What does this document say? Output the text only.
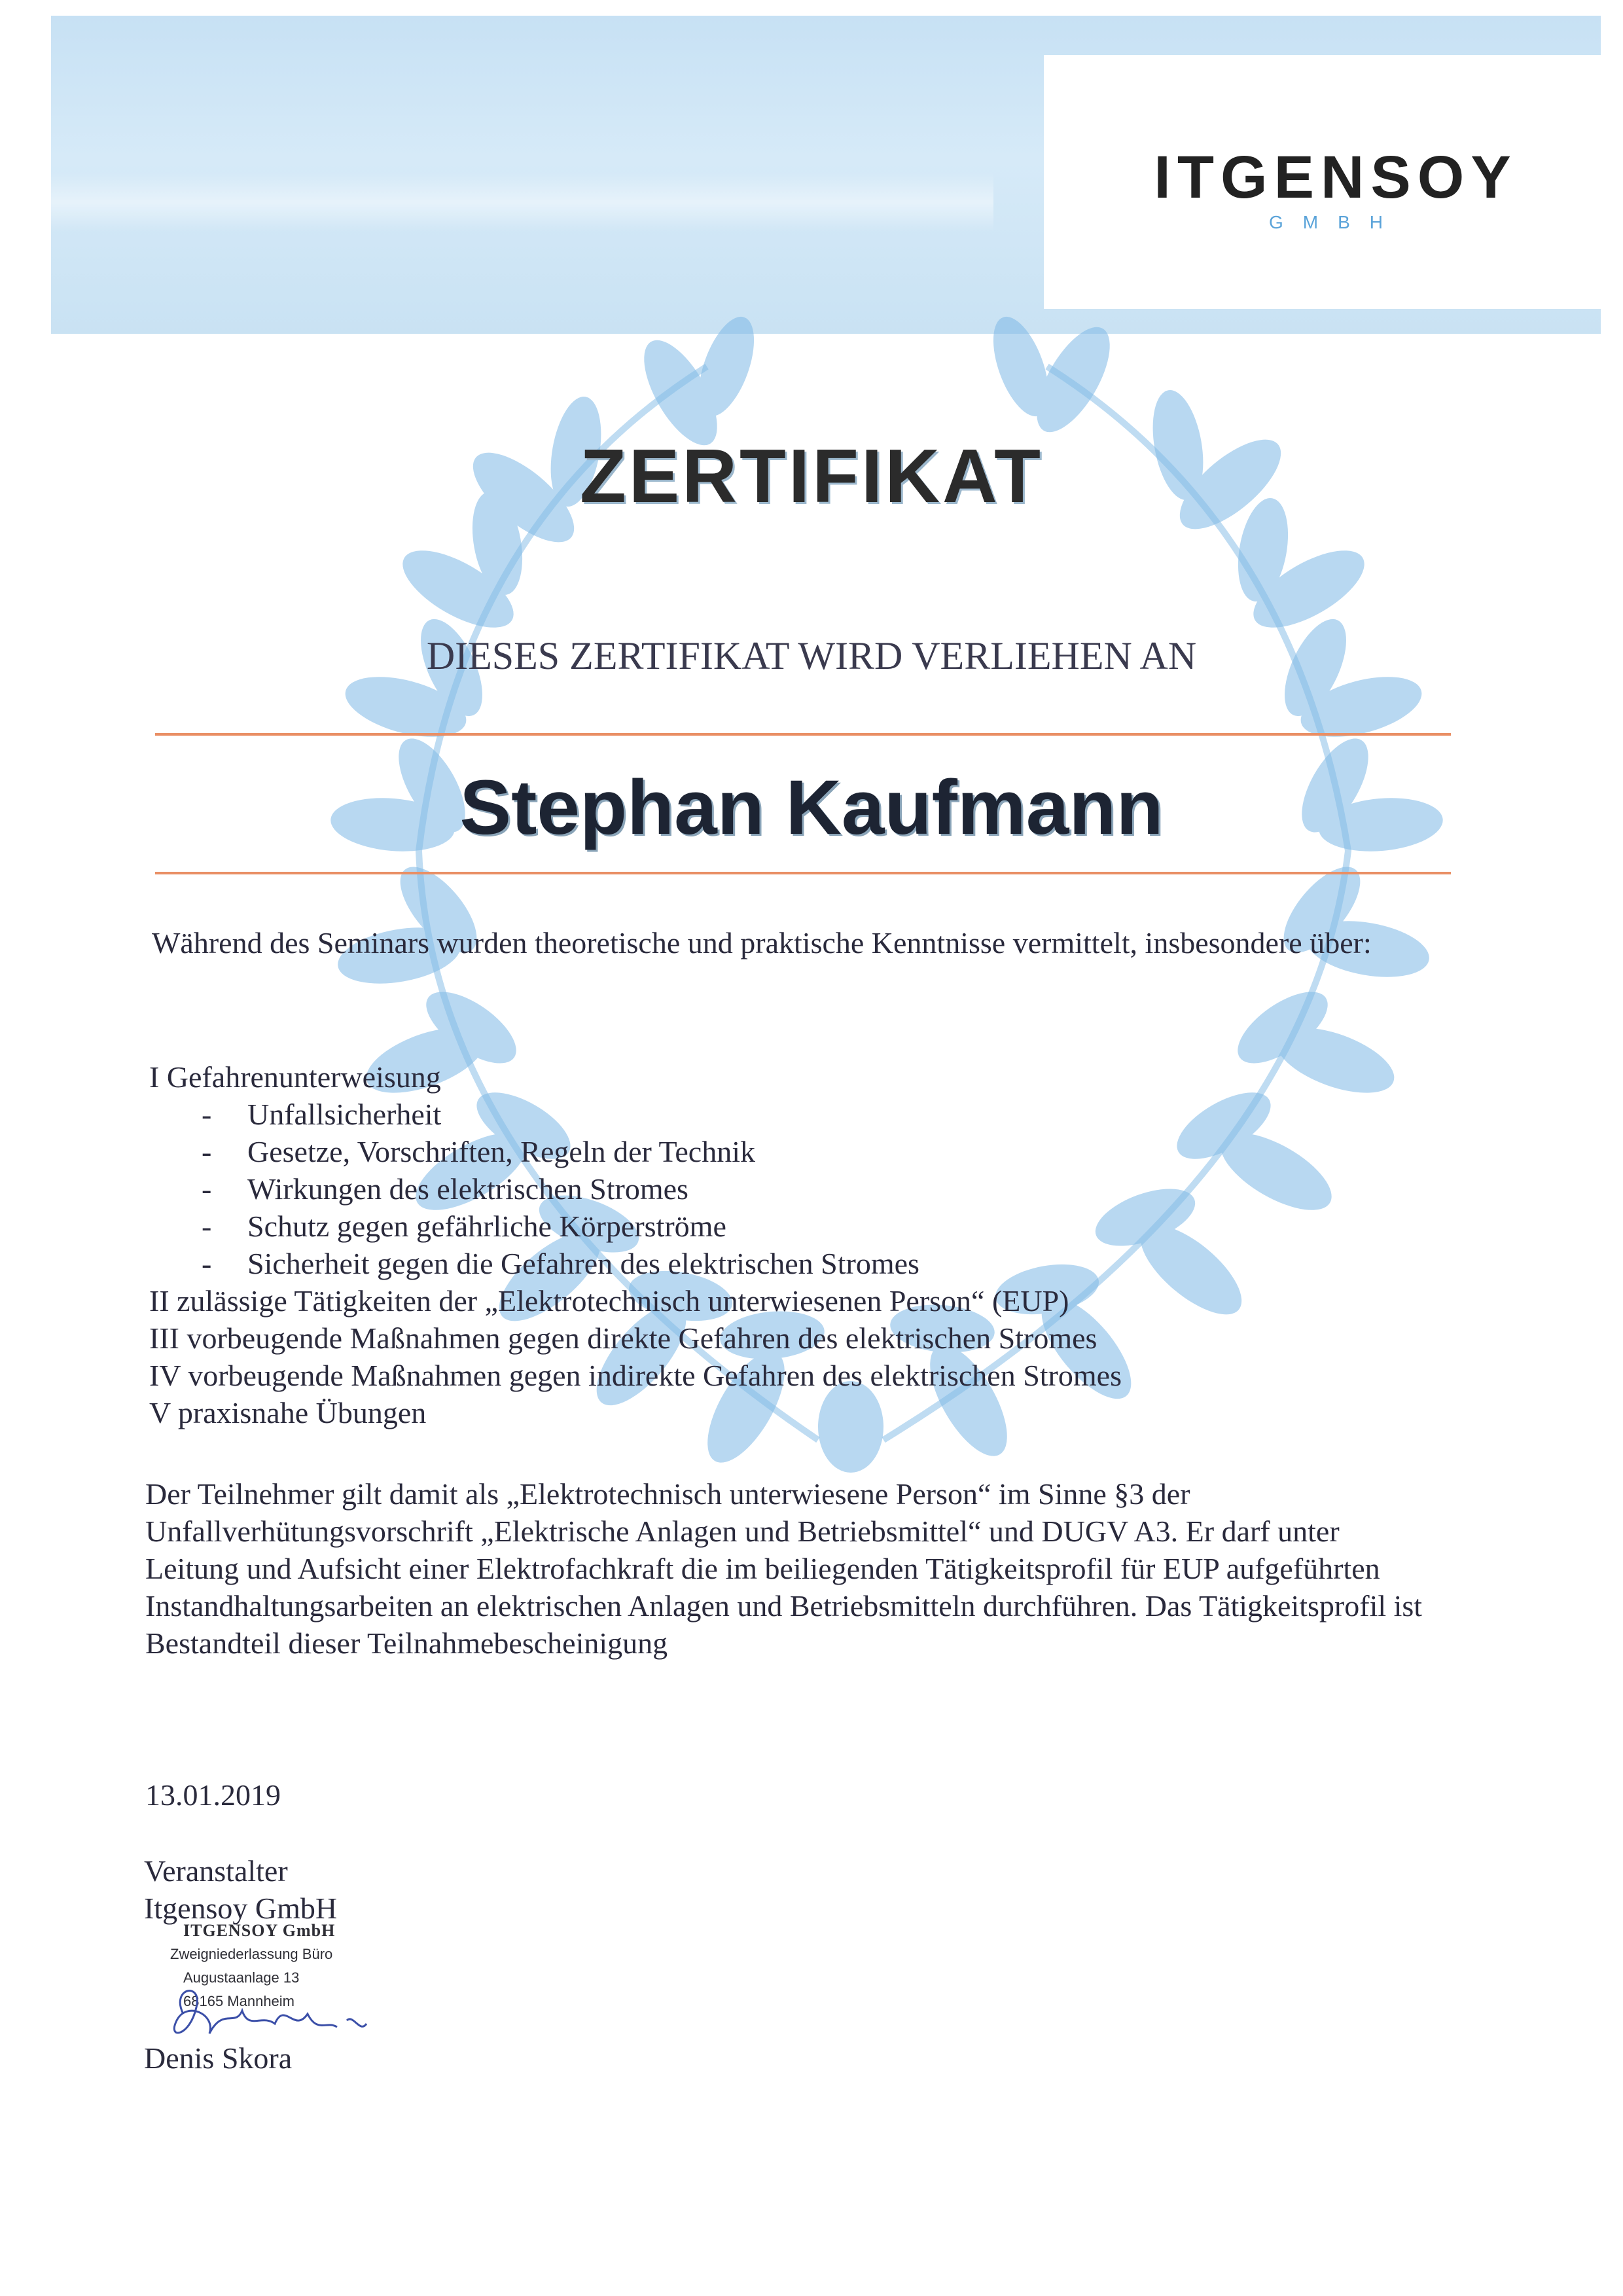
ITGENSOY
GMBH
ZERTIFIKAT
DIESES ZERTIFIKAT WIRD VERLIEHEN AN
Stephan Kaufmann
Während des Seminars wurden theoretische und praktische Kenntnisse vermittelt, insbesondere über:
I Gefahrenunterweisung
- Unfallsicherheit
- Gesetze, Vorschriften, Regeln der Technik
- Wirkungen des elektrischen Stromes
- Schutz gegen gefährliche Körperströme
- Sicherheit gegen die Gefahren des elektrischen Stromes
II zulässige Tätigkeiten der „Elektrotechnisch unterwiesenen Person“ (EUP)
III vorbeugende Maßnahmen gegen direkte Gefahren des elektrischen Stromes
IV vorbeugende Maßnahmen gegen indirekte Gefahren des elektrischen Stromes
V praxisnahe Übungen
Der Teilnehmer gilt damit als „Elektrotechnisch unterwiesene Person“ im Sinne §3 der
Unfallverhütungsvorschrift „Elektrische Anlagen und Betriebsmittel“ und DUGV A3. Er darf unter
Leitung und Aufsicht einer Elektrofachkraft die im beiliegenden Tätigkeitsprofil für EUP aufgeführten
Instandhaltungsarbeiten an elektrischen Anlagen und Betriebsmitteln durchführen. Das Tätigkeitsprofil ist
Bestandteil dieser Teilnahmebescheinigung
13.01.2019
Veranstalter
Itgensoy GmbH
ITGENSOY GmbH
Zweigniederlassung Büro
Augustaanlage 13
68165 Mannheim
Denis Skora
